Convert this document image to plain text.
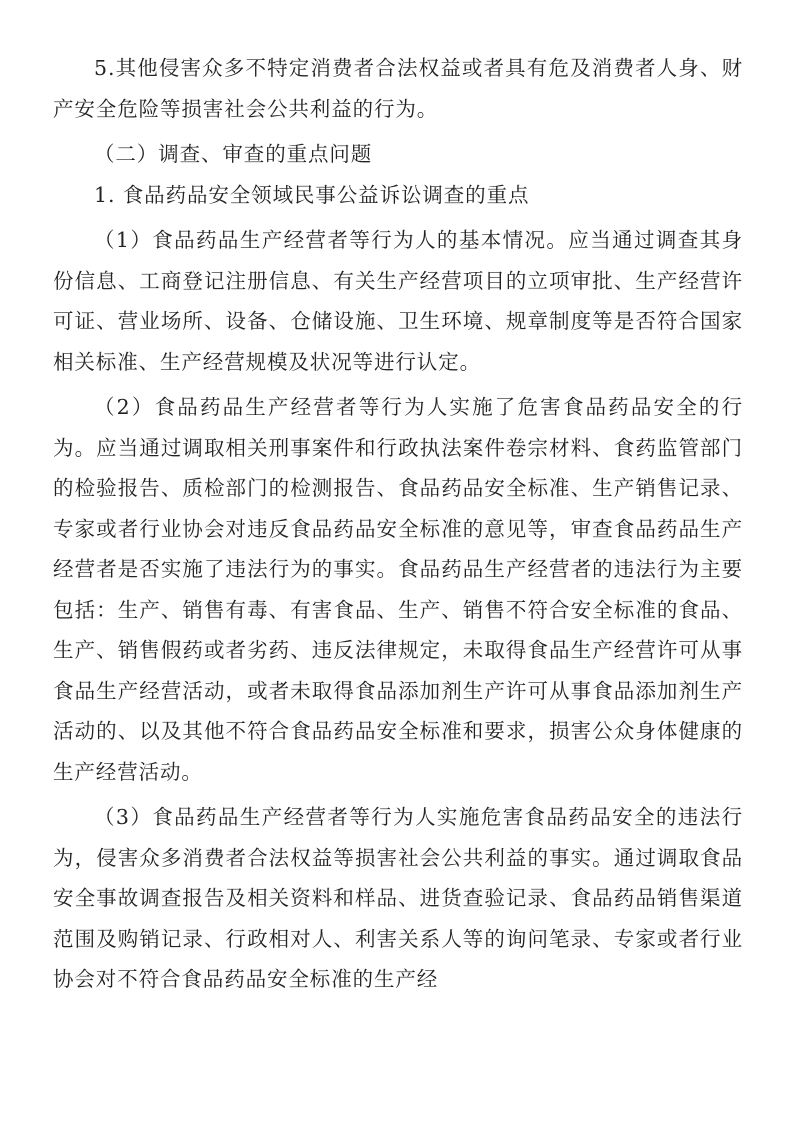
5.其他侵害众多不特定消费者合法权益或者具有危及消费者人身、财产安全危险等损害社会公共利益的行为。

（二）调查、审查的重点问题

1. 食品药品安全领域民事公益诉讼调查的重点

（1）食品药品生产经营者等行为人的基本情况。应当通过调查其身份信息、工商登记注册信息、有关生产经营项目的立项审批、生产经营许可证、营业场所、设备、仓储设施、卫生环境、规章制度等是否符合国家相关标准、生产经营规模及状况等进行认定。

（2）食品药品生产经营者等行为人实施了危害食品药品安全的行为。应当通过调取相关刑事案件和行政执法案件卷宗材料、食药监管部门的检验报告、质检部门的检测报告、食品药品安全标准、生产销售记录、专家或者行业协会对违反食品药品安全标准的意见等，审查食品药品生产经营者是否实施了违法行为的事实。食品药品生产经营者的违法行为主要包括：生产、销售有毒、有害食品、生产、销售不符合安全标准的食品、生产、销售假药或者劣药、违反法律规定，未取得食品生产经营许可从事食品生产经营活动，或者未取得食品添加剂生产许可从事食品添加剂生产活动的、以及其他不符合食品药品安全标准和要求，损害公众身体健康的生产经营活动。

（3）食品药品生产经营者等行为人实施危害食品药品安全的违法行为，侵害众多消费者合法权益等损害社会公共利益的事实。通过调取食品安全事故调查报告及相关资料和样品、进货查验记录、食品药品销售渠道范围及购销记录、行政相对人、利害关系人等的询问笔录、专家或者行业协会对不符合食品药品安全标准的生产经
